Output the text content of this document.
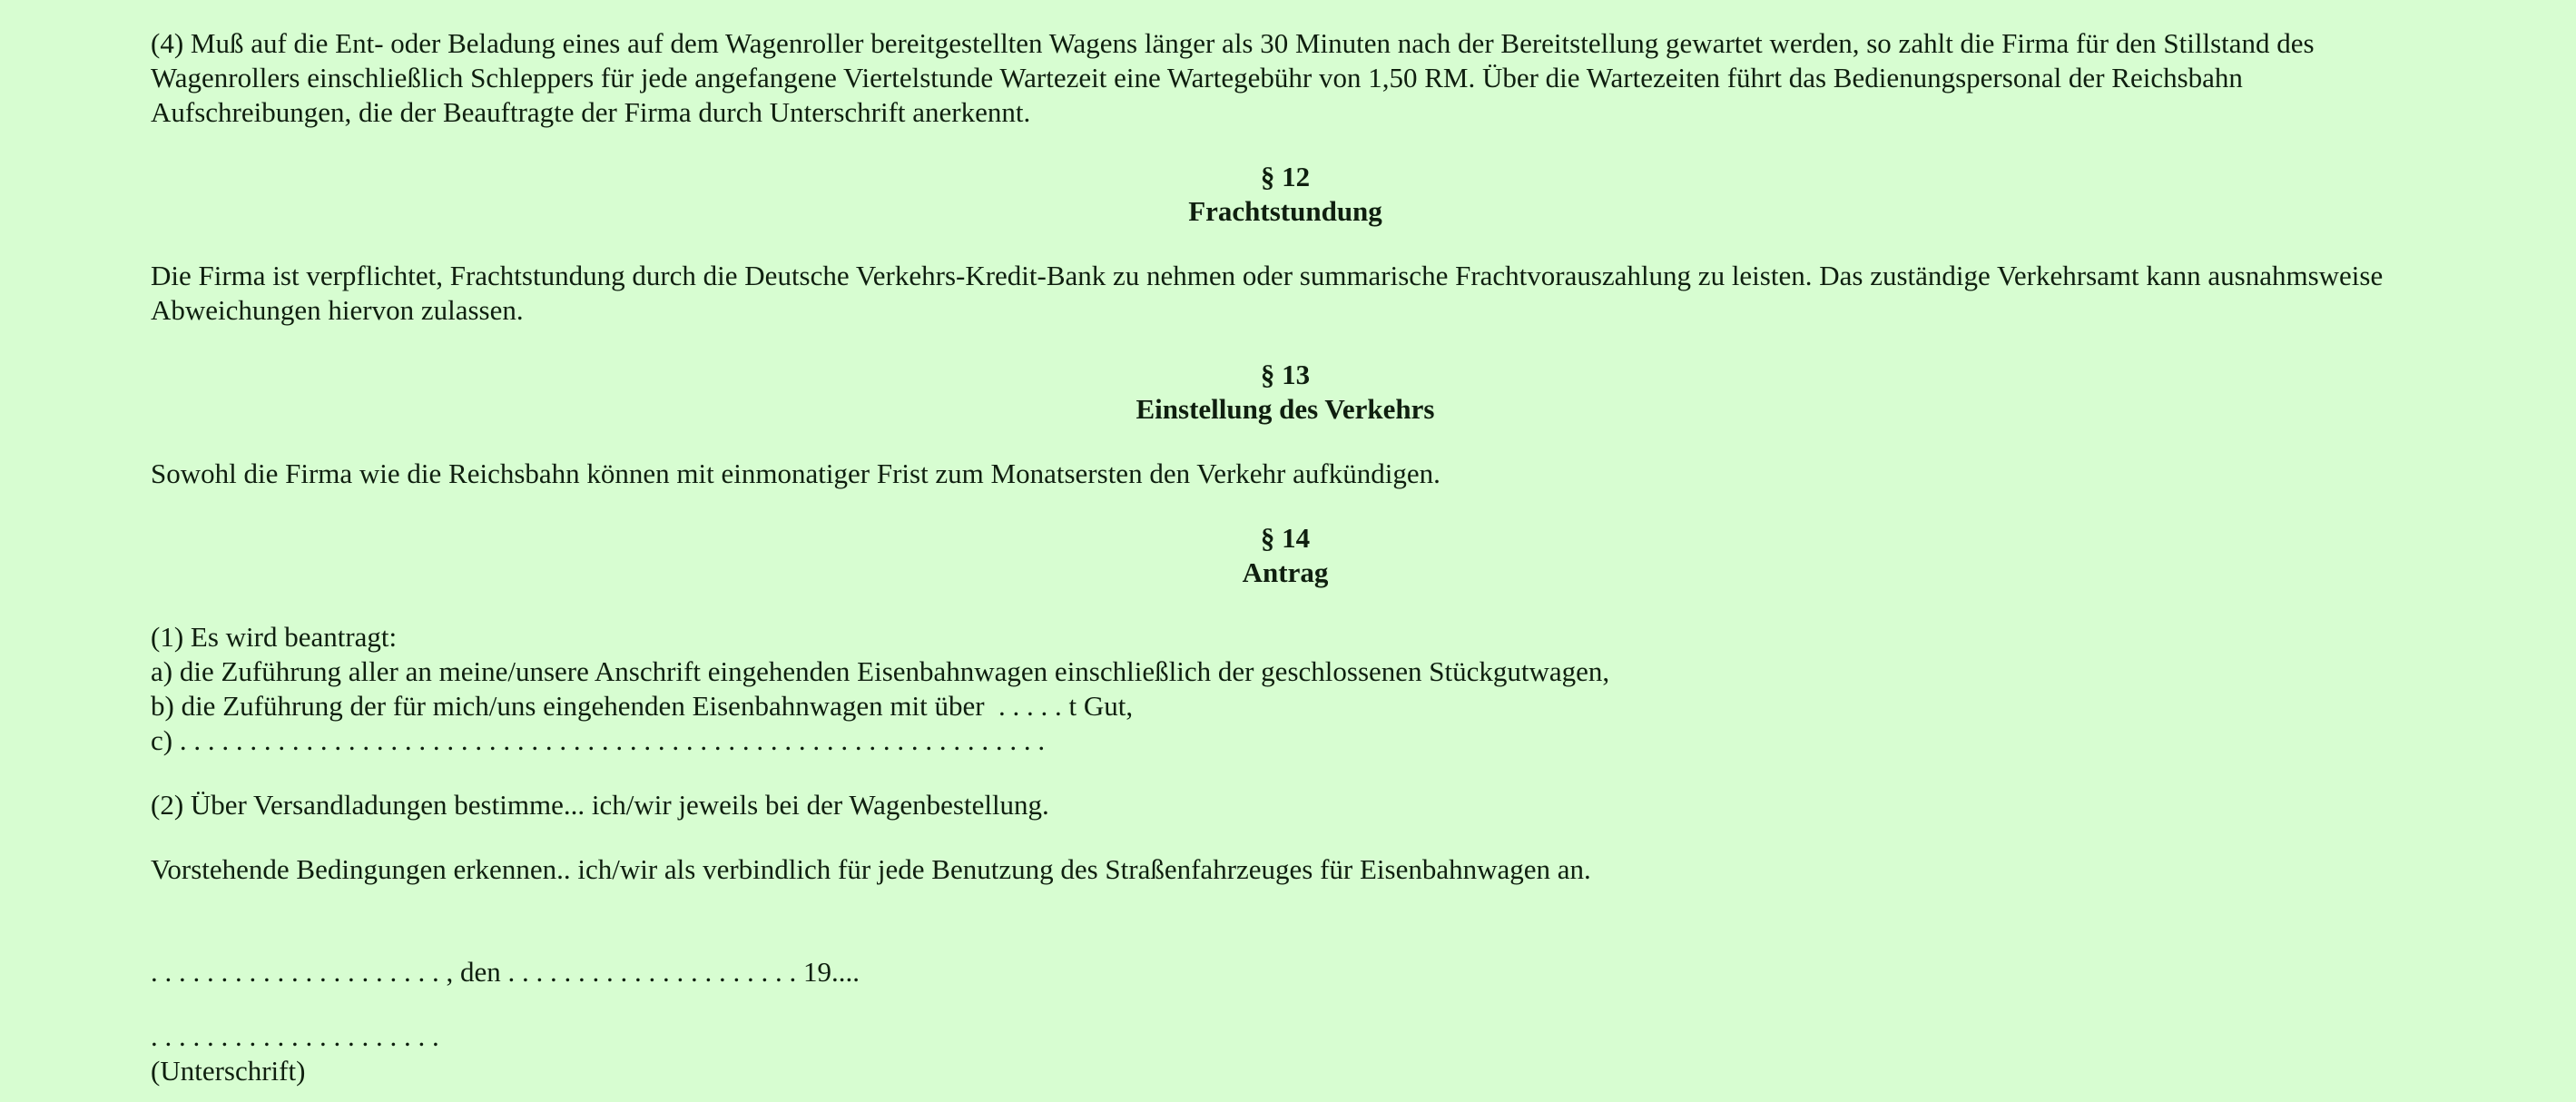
(4) Muß auf die Ent- oder Beladung eines auf dem Wagenroller bereitgestellten Wagens länger als 30 Minuten nach der Bereitstellung gewartet werden, so zahlt die Firma für den Stillstand des Wagenrollers einschließlich Schleppers für jede angefangene Viertelstunde Wartezeit eine Wartegebühr von 1,50 RM. Über die Wartezeiten führt das Bedienungspersonal der Reichsbahn Aufschreibungen, die der Beauftragte der Firma durch Unterschrift anerkennt.

§ 12
Frachtstundung

Die Firma ist verpflichtet, Frachtstundung durch die Deutsche Verkehrs-Kredit-Bank zu nehmen oder summarische Frachtvorauszahlung zu leisten. Das zuständige Verkehrsamt kann ausnahmsweise Abweichungen hiervon zulassen.

§ 13
Einstellung des Verkehrs

Sowohl die Firma wie die Reichsbahn können mit einmonatiger Frist zum Monatsersten den Verkehr aufkündigen.

§ 14
Antrag
(1) Es wird beantragt:
a) die Zuführung aller an meine/unsere Anschrift eingehenden Eisenbahnwagen einschließlich der geschlossenen Stückgutwagen,
b) die Zuführung der für mich/uns eingehenden Eisenbahnwagen mit über  . . . . . t Gut,
c) . . . . . . . . . . . . . . . . . . . . . . . . . . . . . . . . . . . . . . . . . . . . . . . . . . . . . . . . . . . . . .

(2) Über Versandladungen bestimme... ich/wir jeweils bei der Wagenbestellung.

Vorstehende Bedingungen erkennen.. ich/wir als verbindlich für jede Benutzung des Straßenfahrzeuges für Eisenbahnwagen an.

. . . . . . . . . . . . . . . . . . . . . , den . . . . . . . . . . . . . . . . . . . . . 19....

. . . . . . . . . . . . . . . . . . . . .
(Unterschrift)
